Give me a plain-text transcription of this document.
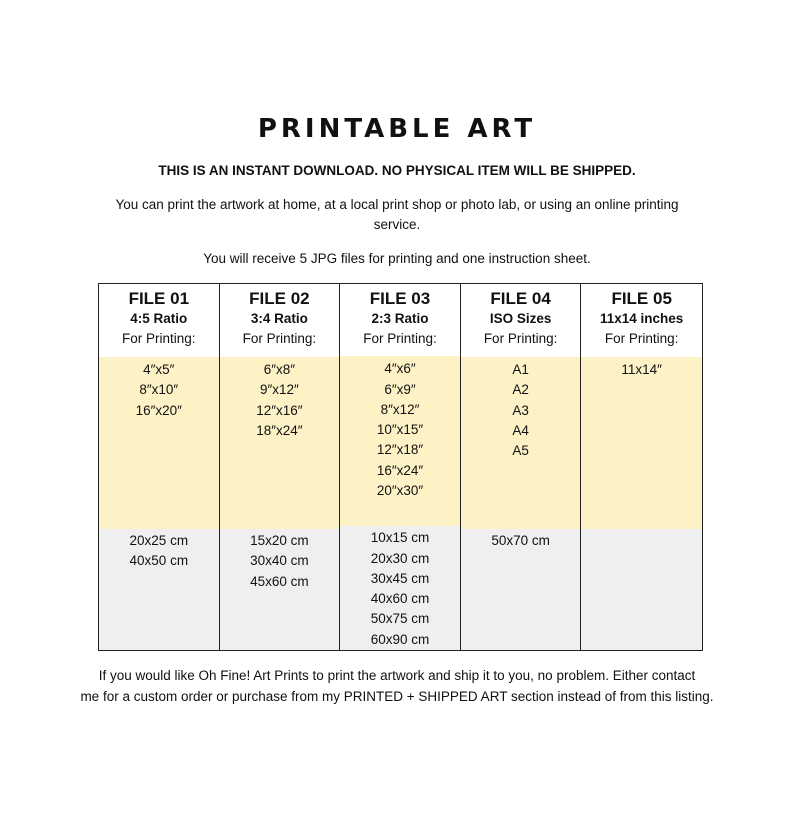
PRINTABLE ART
THIS IS AN INSTANT DOWNLOAD. NO PHYSICAL ITEM WILL BE SHIPPED.
You can print the artwork at home, at a local print shop or photo lab, or using an online printing service.
You will receive 5 JPG files for printing and one instruction sheet.
FILE 01
4:5 Ratio
For Printing:
4″x5″
8″x10″
16″x20″
20x25 cm
40x50 cm
FILE 02
3:4 Ratio
For Printing:
6″x8″
9″x12″
12″x16″
18″x24″
15x20 cm
30x40 cm
45x60 cm
FILE 03
2:3 Ratio
For Printing:
4″x6″
6″x9″
8″x12″
10″x15″
12″x18″
16″x24″
20″x30″
10x15 cm
20x30 cm
30x45 cm
40x60 cm
50x75 cm
60x90 cm
FILE 04
ISO Sizes
For Printing:
A1
A2
A3
A4
A5
50x70 cm
FILE 05
11x14 inches
For Printing:
11x14″
If you would like Oh Fine! Art Prints to print the artwork and ship it to you, no problem. Either contact
me for a custom order or purchase from my PRINTED + SHIPPED ART section instead of from this listing.
